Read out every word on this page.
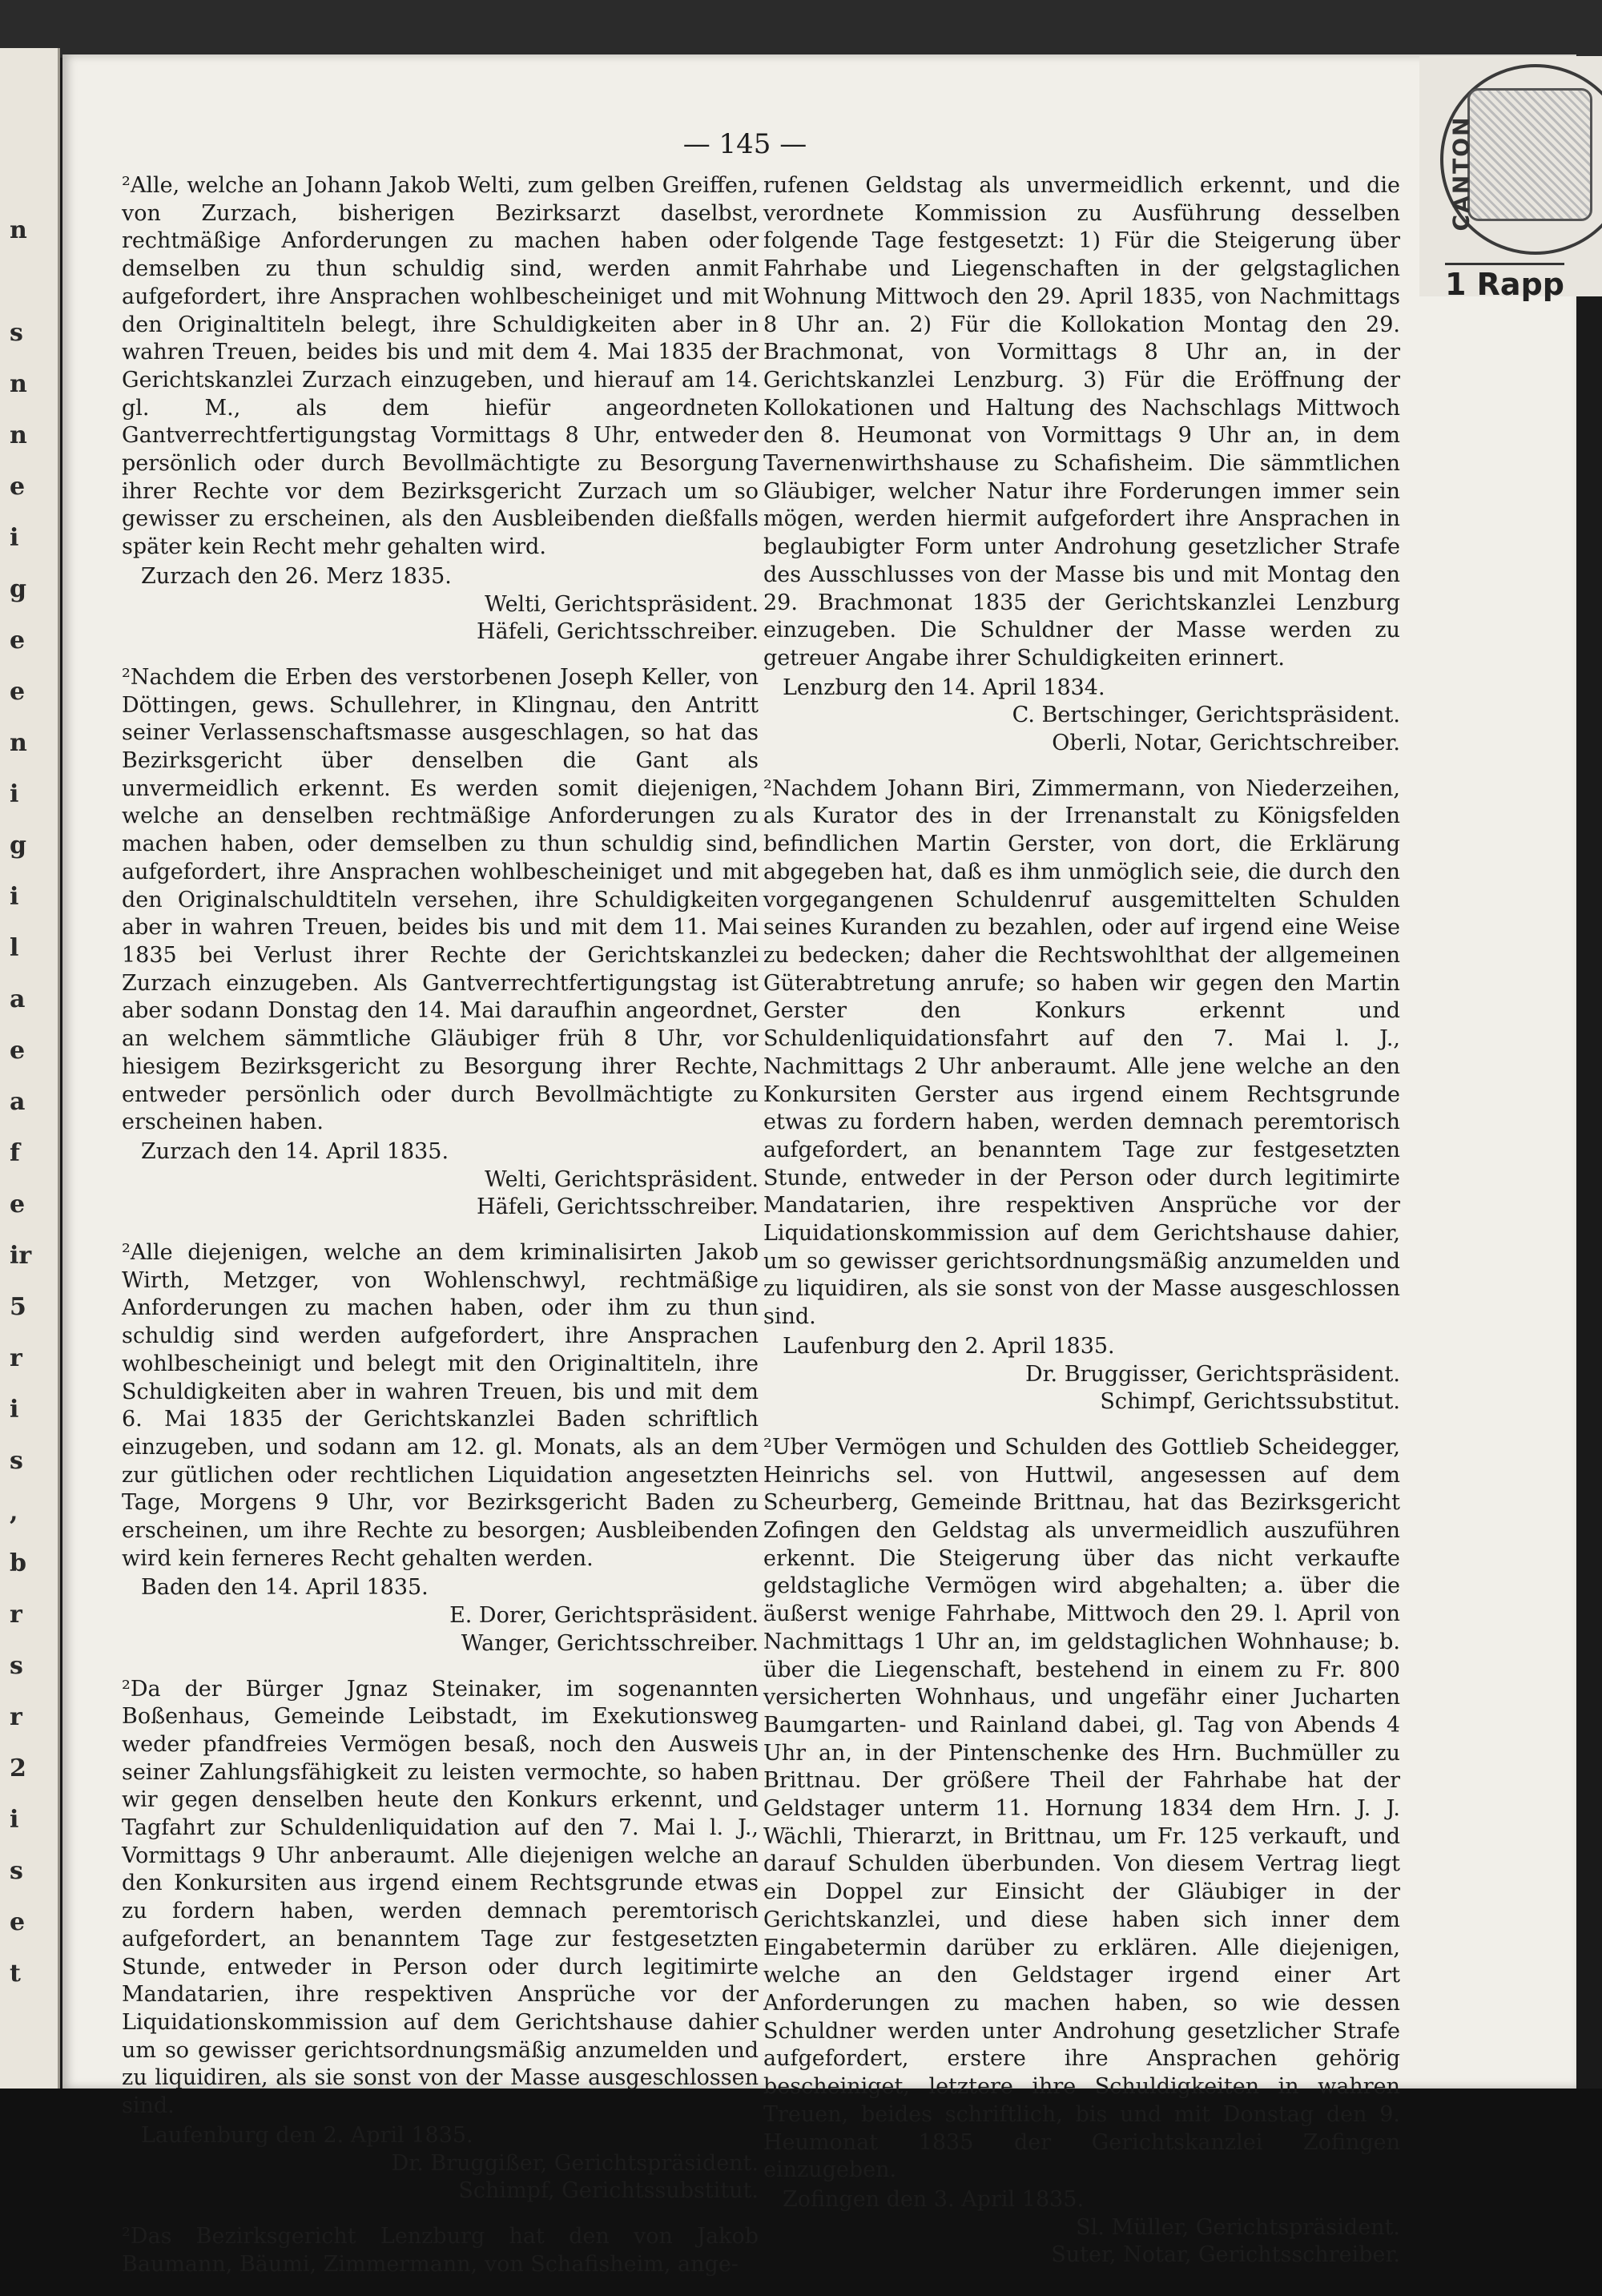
n
s
n
n
e
i
g
e
e
n
i
g
i
l
a
e
a
f
e
ir
5
r
i
s
,
b
r
s
r
2
i
s
e
t
CANTON
1 Rapp
— 145 —

²Alle, welche an Johann Jakob Welti, zum gelben Greiffen, von Zurzach, bisherigen Bezirksarzt daselbst, rechtmäßige Anforderungen zu machen haben oder demselben zu thun schuldig sind, werden anmit aufgefordert, ihre Ansprachen wohlbescheiniget und mit den Originaltiteln belegt, ihre Schuldigkeiten aber in wahren Treuen, beides bis und mit dem 4. Mai 1835 der Gerichtskanzlei Zurzach einzugeben, und hierauf am 14. gl. M., als dem hiefür angeordneten Gantverrechtfertigungstag Vormittags 8 Uhr, entweder persönlich oder durch Bevollmächtigte zu Besorgung ihrer Rechte vor dem Bezirksgericht Zurzach um so gewisser zu erscheinen, als den Ausbleibenden dießfalls später kein Recht mehr gehalten wird.

Zurzach den 26. Merz 1835.

Welti, Gerichtspräsident.
Häfeli, Gerichtsschreiber.

²Nachdem die Erben des verstorbenen Joseph Keller, von Döttingen, gews. Schullehrer, in Klingnau, den Antritt seiner Verlassenschaftsmasse ausgeschlagen, so hat das Bezirksgericht über denselben die Gant als unvermeidlich erkennt. Es werden somit diejenigen, welche an denselben rechtmäßige Anforderungen zu machen haben, oder demselben zu thun schuldig sind, aufgefordert, ihre Ansprachen wohlbescheiniget und mit den Originalschuldtiteln versehen, ihre Schuldigkeiten aber in wahren Treuen, beides bis und mit dem 11. Mai 1835 bei Verlust ihrer Rechte der Gerichtskanzlei Zurzach einzugeben. Als Gantverrechtfertigungstag ist aber sodann Donstag den 14. Mai daraufhin angeordnet, an welchem sämmtliche Gläubiger früh 8 Uhr, vor hiesigem Bezirksgericht zu Besorgung ihrer Rechte, entweder persönlich oder durch Bevollmächtigte zu erscheinen haben.

Zurzach den 14. April 1835.

Welti, Gerichtspräsident.
Häfeli, Gerichtsschreiber.

²Alle diejenigen, welche an dem kriminalisirten Jakob Wirth, Metzger, von Wohlenschwyl, rechtmäßige Anforderungen zu machen haben, oder ihm zu thun schuldig sind werden aufgefordert, ihre Ansprachen wohlbescheinigt und belegt mit den Originaltiteln, ihre Schuldigkeiten aber in wahren Treuen, bis und mit dem 6. Mai 1835 der Gerichtskanzlei Baden schriftlich einzugeben, und sodann am 12. gl. Monats, als an dem zur gütlichen oder rechtlichen Liquidation angesetzten Tage, Morgens 9 Uhr, vor Bezirksgericht Baden zu erscheinen, um ihre Rechte zu besorgen; Ausbleibenden wird kein ferneres Recht gehalten werden.

Baden den 14. April 1835.

E. Dorer, Gerichtspräsident.
Wanger, Gerichtsschreiber.

²Da der Bürger Jgnaz Steinaker, im sogenannten Boßenhaus, Gemeinde Leibstadt, im Exekutionsweg weder pfandfreies Vermögen besaß, noch den Ausweis seiner Zahlungsfähigkeit zu leisten vermochte, so haben wir gegen denselben heute den Konkurs erkennt, und Tagfahrt zur Schuldenliquidation auf den 7. Mai l. J., Vormittags 9 Uhr anberaumt. Alle diejenigen welche an den Konkursiten aus irgend einem Rechtsgrunde etwas zu fordern haben, werden demnach peremtorisch aufgefordert, an benanntem Tage zur festgesetzten Stunde, entweder in Person oder durch legitimirte Mandatarien, ihre respektiven Ansprüche vor der Liquidationskommission auf dem Gerichtshause dahier um so gewisser gerichtsordnungsmäßig anzumelden und zu liquidiren, als sie sonst von der Masse ausgeschlossen sind.

Laufenburg den 2. April 1835.

Dr. Bruggißer, Gerichtspräsident.
Schimpf, Gerichtssubstitut.

²Das Bezirksgericht Lenzburg hat den von Jakob Baumann, Bäumi, Zimmermann, von Schafisheim, ange-

rufenen Geldstag als unvermeidlich erkennt, und die verordnete Kommission zu Ausführung desselben folgende Tage festgesetzt: 1) Für die Steigerung über Fahrhabe und Liegenschaften in der gelgstaglichen Wohnung Mittwoch den 29. April 1835, von Nachmittags 8 Uhr an. 2) Für die Kollokation Montag den 29. Brachmonat, von Vormittags 8 Uhr an, in der Gerichtskanzlei Lenzburg. 3) Für die Eröffnung der Kollokationen und Haltung des Nachschlags Mittwoch den 8. Heumonat von Vormittags 9 Uhr an, in dem Tavernenwirthshause zu Schafisheim. Die sämmtlichen Gläubiger, welcher Natur ihre Forderungen immer sein mögen, werden hiermit aufgefordert ihre Ansprachen in beglaubigter Form unter Androhung gesetzlicher Strafe des Ausschlusses von der Masse bis und mit Montag den 29. Brachmonat 1835 der Gerichtskanzlei Lenzburg einzugeben. Die Schuldner der Masse werden zu getreuer Angabe ihrer Schuldigkeiten erinnert.

Lenzburg den 14. April 1834.

C. Bertschinger, Gerichtspräsident.
Oberli, Notar, Gerichtschreiber.

²Nachdem Johann Biri, Zimmermann, von Niederzeihen, als Kurator des in der Irrenanstalt zu Königsfelden befindlichen Martin Gerster, von dort, die Erklärung abgegeben hat, daß es ihm unmöglich seie, die durch den vorgegangenen Schuldenruf ausgemittelten Schulden seines Kuranden zu bezahlen, oder auf irgend eine Weise zu bedecken; daher die Rechtswohlthat der allgemeinen Güterabtretung anrufe; so haben wir gegen den Martin Gerster den Konkurs erkennt und Schuldenliquidationsfahrt auf den 7. Mai l. J., Nachmittags 2 Uhr anberaumt. Alle jene welche an den Konkursiten Gerster aus irgend einem Rechtsgrunde etwas zu fordern haben, werden demnach peremtorisch aufgefordert, an benanntem Tage zur festgesetzten Stunde, entweder in der Person oder durch legitimirte Mandatarien, ihre respektiven Ansprüche vor der Liquidationskommission auf dem Gerichtshause dahier, um so gewisser gerichtsordnungsmäßig anzumelden und zu liquidiren, als sie sonst von der Masse ausgeschlossen sind.

Laufenburg den 2. April 1835.

Dr. Bruggisser, Gerichtspräsident.
Schimpf, Gerichtssubstitut.

²Uber Vermögen und Schulden des Gottlieb Scheidegger, Heinrichs sel. von Huttwil, angesessen auf dem Scheurberg, Gemeinde Brittnau, hat das Bezirksgericht Zofingen den Geldstag als unvermeidlich auszuführen erkennt. Die Steigerung über das nicht verkaufte geldstagliche Vermögen wird abgehalten; a. über die äußerst wenige Fahrhabe, Mittwoch den 29. l. April von Nachmittags 1 Uhr an, im geldstaglichen Wohnhause; b. über die Liegenschaft, bestehend in einem zu Fr. 800 versicherten Wohnhaus, und ungefähr einer Jucharten Baumgarten- und Rainland dabei, gl. Tag von Abends 4 Uhr an, in der Pintenschenke des Hrn. Buchmüller zu Brittnau. Der größere Theil der Fahrhabe hat der Geldstager unterm 11. Hornung 1834 dem Hrn. J. J. Wächli, Thierarzt, in Brittnau, um Fr. 125 verkauft, und darauf Schulden überbunden. Von diesem Vertrag liegt ein Doppel zur Einsicht der Gläubiger in der Gerichtskanzlei, und diese haben sich inner dem Eingabetermin darüber zu erklären. Alle diejenigen, welche an den Geldstager irgend einer Art Anforderungen zu machen haben, so wie dessen Schuldner werden unter Androhung gesetzlicher Strafe aufgefordert, erstere ihre Ansprachen gehörig bescheiniget, letztere ihre Schuldigkeiten in wahren Treuen, beides schriftlich, bis und mit Donstag den 9. Heumonat 1835 der Gerichtskanzlei Zofingen einzugeben.

Zofingen den 3. April 1835.

Sl. Müller, Gerichtspräsident.
Suter, Notar, Gerichtsschreiber.
